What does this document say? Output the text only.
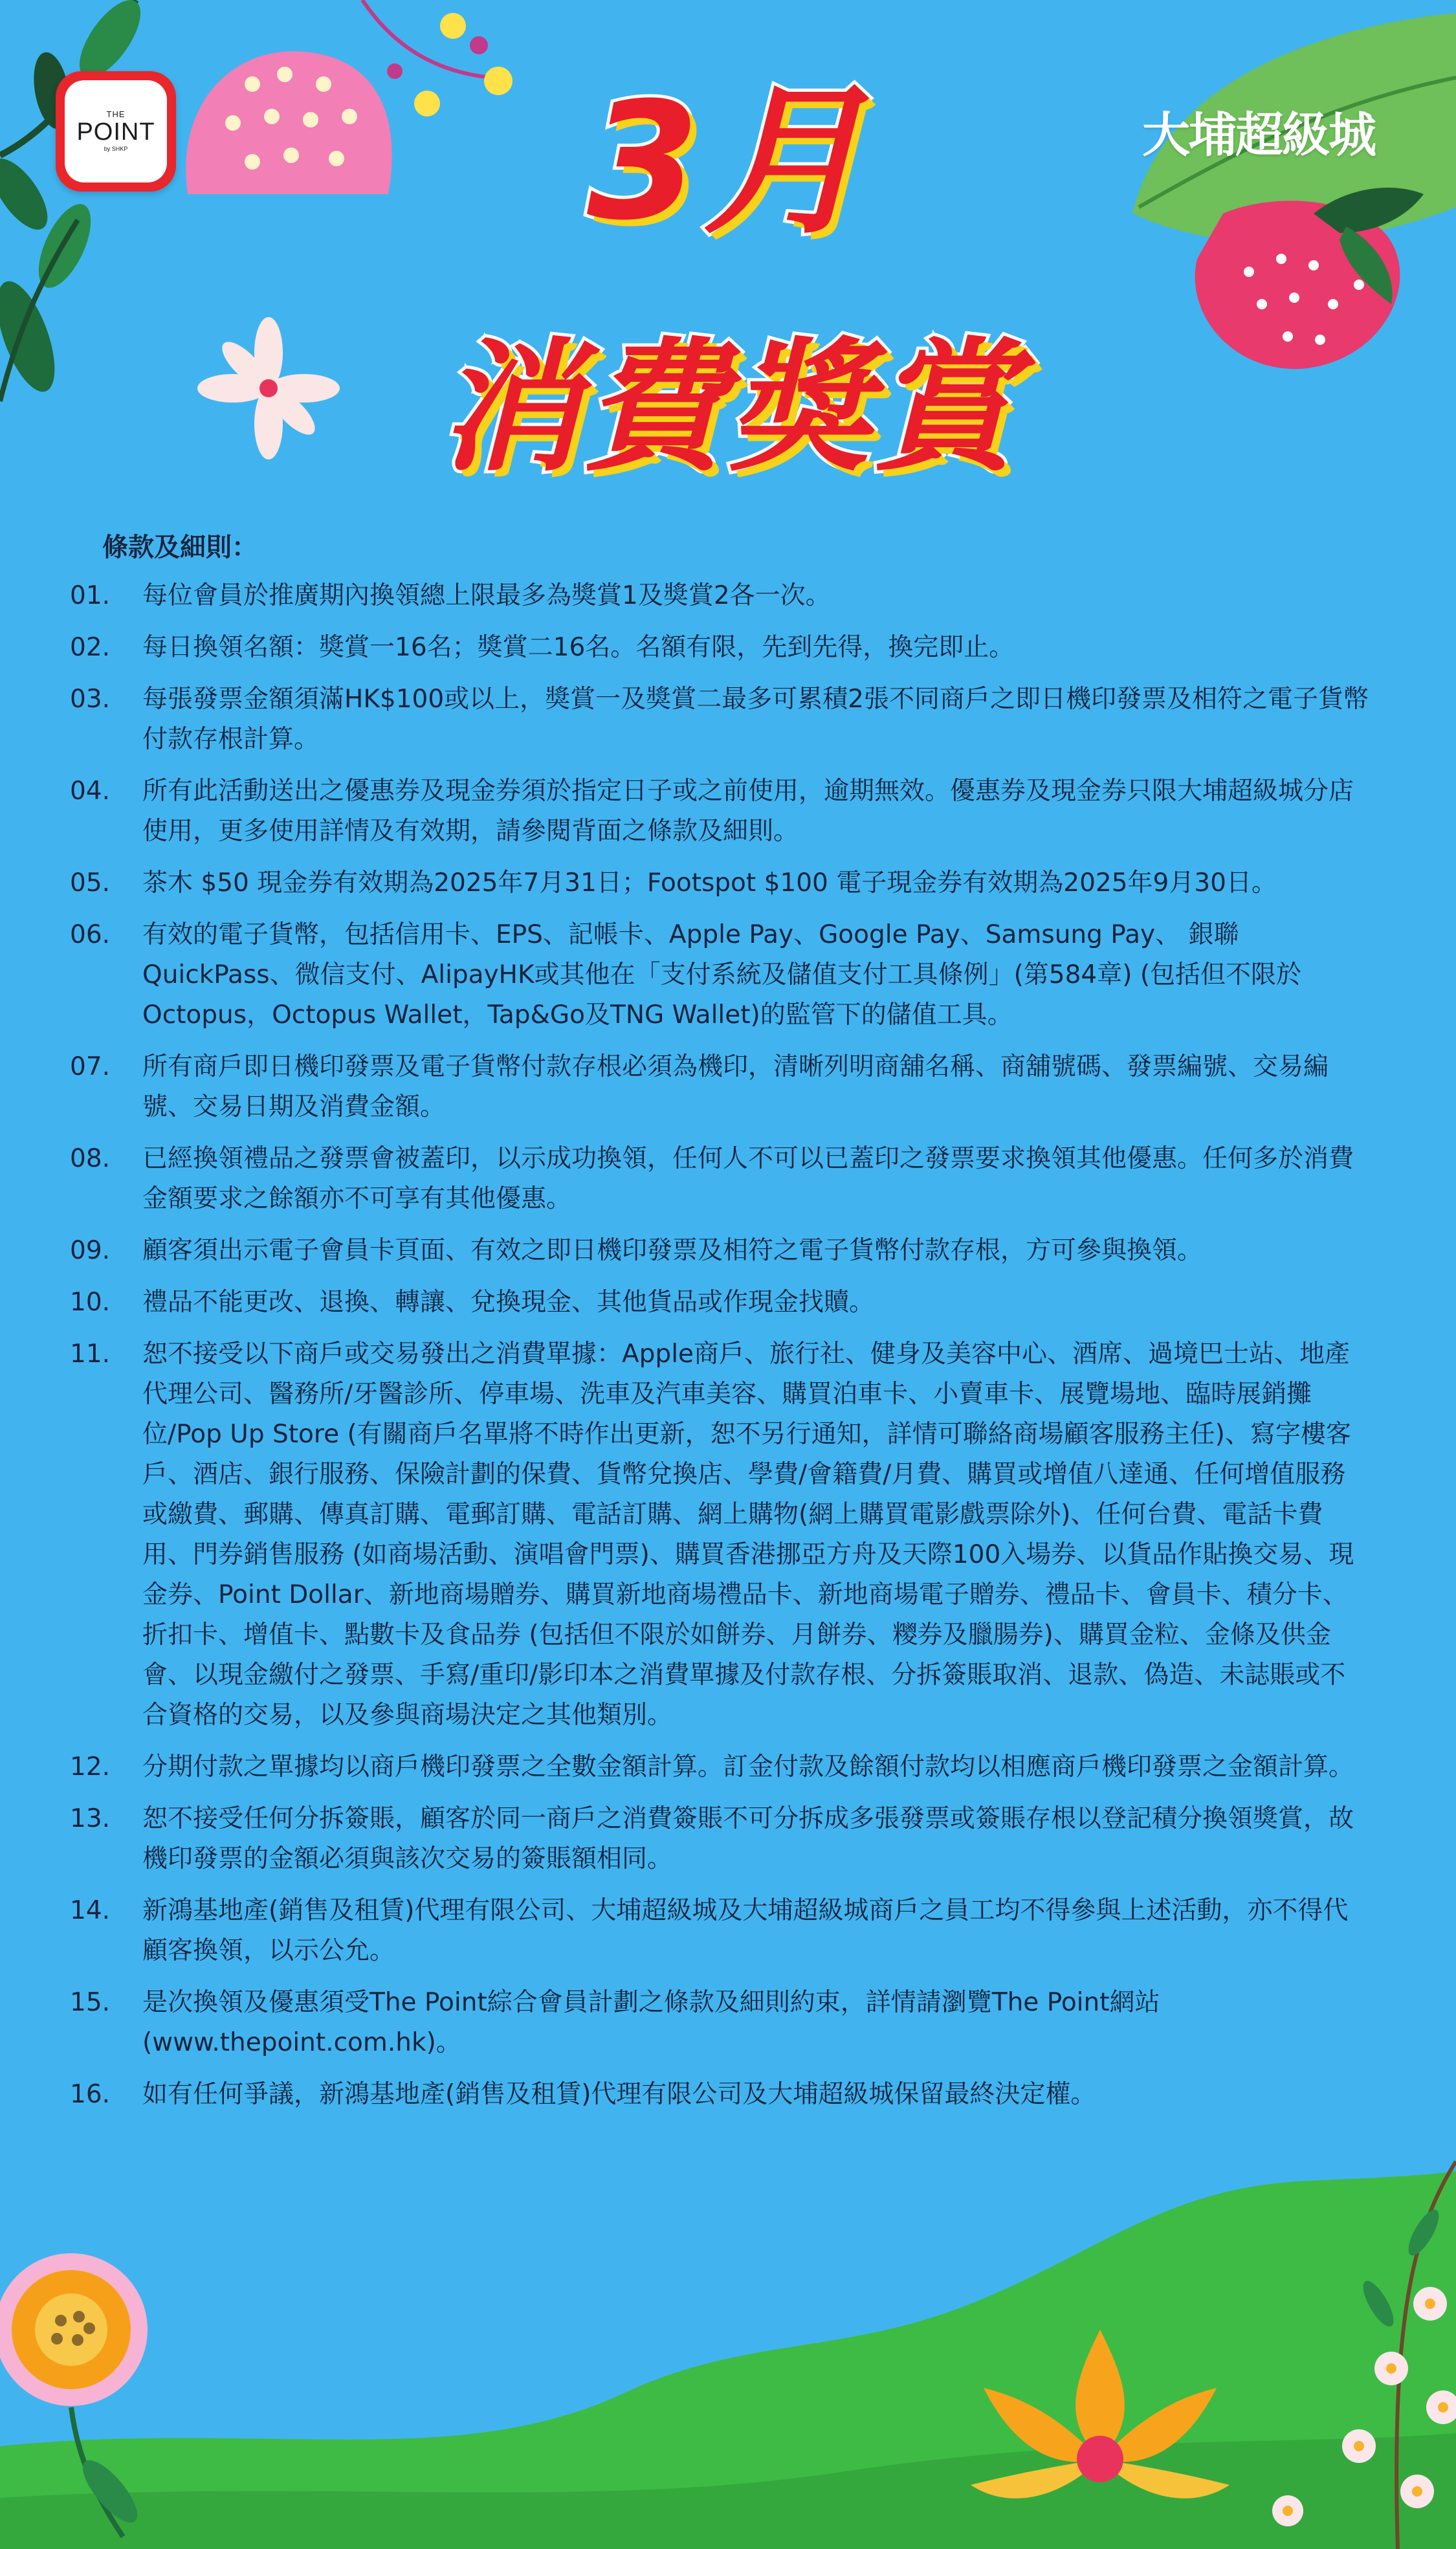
THE
POINT
by SHKP	大埔超級城
3月
消費獎賞
條款及細則：
01.	每位會員於推廣期內換領總上限最多為獎賞1及獎賞2各一次。
02.	每日換領名額：獎賞一16名；獎賞二16名。名額有限，先到先得，換完即止。
03.	每張發票金額須滿HK$100或以上，獎賞一及獎賞二最多可累積2張不同商戶之即日機印發票及相符之電子貨幣付款存根計算。
04.	所有此活動送出之優惠券及現金券須於指定日子或之前使用，逾期無效。優惠券及現金券只限大埔超級城分店使用，更多使用詳情及有效期，請參閱背面之條款及細則。
05.	茶木 $50 現金券有效期為2025年7月31日；Footspot $100 電子現金券有效期為2025年9月30日。
06.	有效的電子貨幣，包括信用卡、EPS、記帳卡、Apple Pay、Google Pay、Samsung Pay、 銀聯QuickPass、微信支付、AlipayHK或其他在「支付系統及儲值支付工具條例」(第584章) (包括但不限於Octopus，Octopus Wallet，Tap&Go及TNG Wallet)的監管下的儲值工具。
07.	所有商戶即日機印發票及電子貨幣付款存根必須為機印，清晰列明商舖名稱、商舖號碼、發票編號、交易編號、交易日期及消費金額。
08.	已經換領禮品之發票會被蓋印，以示成功換領，任何人不可以已蓋印之發票要求換領其他優惠。任何多於消費金額要求之餘額亦不可享有其他優惠。
09.	顧客須出示電子會員卡頁面、有效之即日機印發票及相符之電子貨幣付款存根，方可參與換領。
10.	禮品不能更改、退換、轉讓、兌換現金、其他貨品或作現金找贖。
11.	恕不接受以下商戶或交易發出之消費單據：Apple商戶、旅行社、健身及美容中心、酒席、過境巴士站、地產代理公司、醫務所/牙醫診所、停車場、洗車及汽車美容、購買泊車卡、小賣車卡、展覽場地、臨時展銷攤位/Pop Up Store (有關商戶名單將不時作出更新，恕不另行通知，詳情可聯絡商場顧客服務主任)、寫字樓客戶、酒店、銀行服務、保險計劃的保費、貨幣兌換店、學費/會籍費/月費、購買或增值八達通、任何增值服務或繳費、郵購、傳真訂購、電郵訂購、電話訂購、網上購物(網上購買電影戲票除外)、任何台費、電話卡費用、門券銷售服務 (如商場活動、演唱會門票)、購買香港挪亞方舟及天際100入場券、以貨品作貼換交易、現金券、Point Dollar、新地商場贈券、購買新地商場禮品卡、新地商場電子贈券、禮品卡、會員卡、積分卡、折扣卡、增值卡、點數卡及食品券 (包括但不限於如餅券、月餅券、糭券及臘腸券)、購買金粒、金條及供金會、以現金繳付之發票、手寫/重印/影印本之消費單據及付款存根、分拆簽賬取消、退款、偽造、未誌賬或不合資格的交易，以及參與商場決定之其他類別。
12.	分期付款之單據均以商戶機印發票之全數金額計算。訂金付款及餘額付款均以相應商戶機印發票之金額計算。
13.	恕不接受任何分拆簽賬，顧客於同一商戶之消費簽賬不可分拆成多張發票或簽賬存根以登記積分換領獎賞，故機印發票的金額必須與該次交易的簽賬額相同。
14.	新鴻基地產(銷售及租賃)代理有限公司、大埔超級城及大埔超級城商戶之員工均不得參與上述活動，亦不得代顧客換領，以示公允。
15.	是次換領及優惠須受The Point綜合會員計劃之條款及細則約束，詳情請瀏覽The Point網站 (www.thepoint.com.hk)。
16.	如有任何爭議，新鴻基地產(銷售及租賃)代理有限公司及大埔超級城保留最終決定權。
